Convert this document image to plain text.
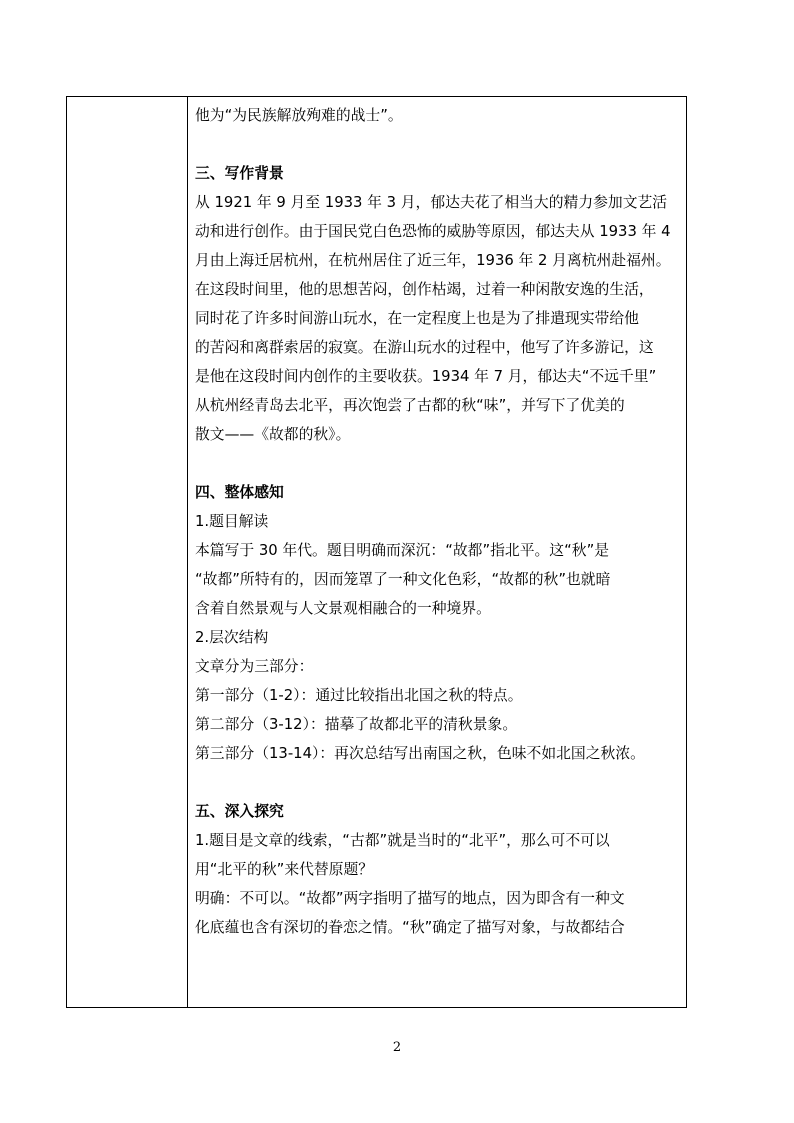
他为“为民族解放殉难的战士”。
三、写作背景
从 1921 年 9 月至 1933 年 3 月，郁达夫花了相当大的精力参加文艺活
动和进行创作。由于国民党白色恐怖的威胁等原因，郁达夫从 1933 年 4
月由上海迁居杭州，在杭州居住了近三年，1936 年 2 月离杭州赴福州。
在这段时间里，他的思想苦闷，创作枯竭，过着一种闲散安逸的生活，
同时花了许多时间游山玩水，在一定程度上也是为了排遣现实带给他
的苦闷和离群索居的寂寞。在游山玩水的过程中，他写了许多游记，这
是他在这段时间内创作的主要收获。1934 年 7 月，郁达夫“不远千里”
从杭州经青岛去北平，再次饱尝了古都的秋“味”，并写下了优美的
散文——《故都的秋》。
四、整体感知
1.题目解读
本篇写于 30 年代。题目明确而深沉：“故都”指北平。这“秋”是
“故都”所特有的，因而笼罩了一种文化色彩，“故都的秋”也就暗
含着自然景观与人文景观相融合的一种境界。
2.层次结构
文章分为三部分：
第一部分（1-2）：通过比较指出北国之秋的特点。
第二部分（3-12）：描摹了故都北平的清秋景象。
第三部分（13-14）：再次总结写出南国之秋，色味不如北国之秋浓。
五、深入探究
1.题目是文章的线索，“古都”就是当时的“北平”，那么可不可以
用“北平的秋”来代替原题？
明确：不可以。“故都”两字指明了描写的地点，因为即含有一种文
化底蕴也含有深切的眷恋之情。“秋”确定了描写对象，与故都结合
2
